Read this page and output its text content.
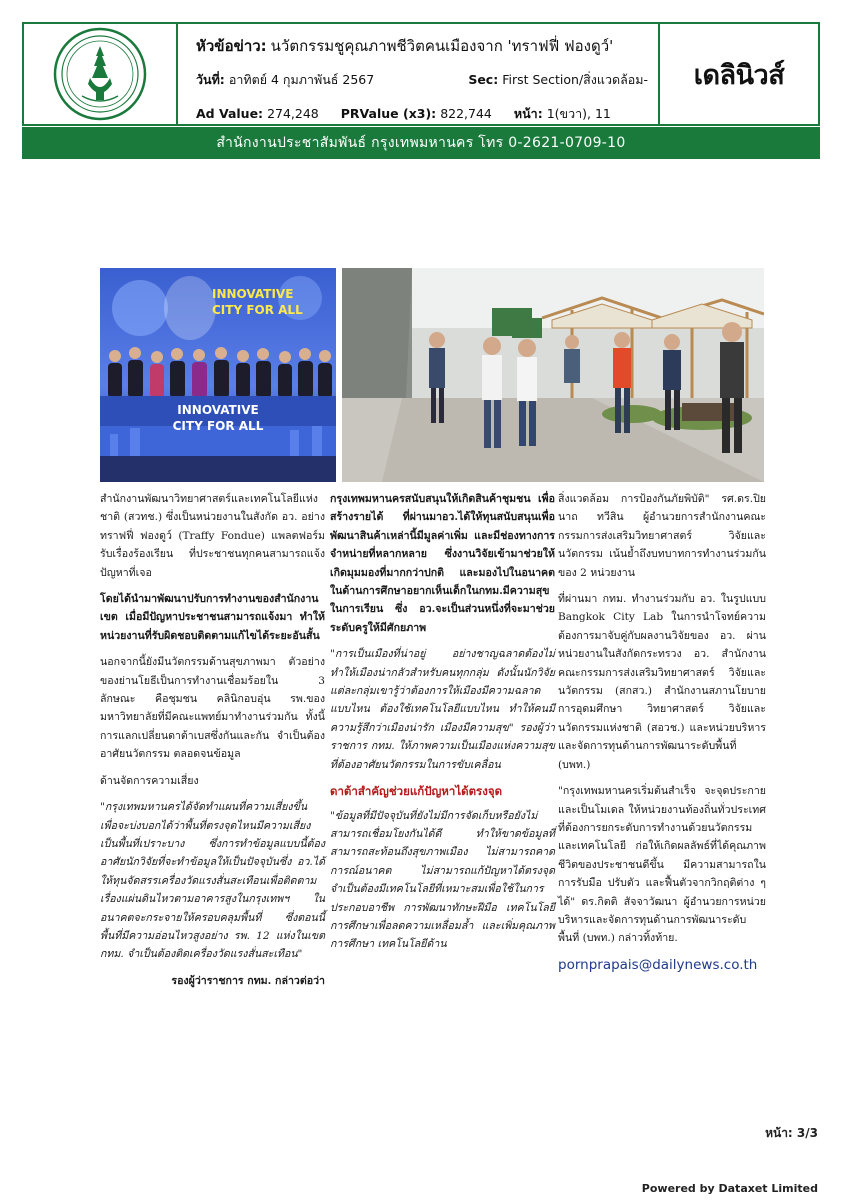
หัวข้อข่าว: นวัตกรรมชูคุณภาพชีวิตคนเมืองจาก 'ทราฟฟี่ ฟองดูว์'
วันที่: อาทิตย์ 4 กุมภาพันธ์ 2567	Sec: First Section/สิ่งแวดล้อม-
Ad Value: 274,248 PRValue (x3): 822,744 หน้า: 1(ขวา), 11
เดลินิวส์
สำนักงานประชาสัมพันธ์ กรุงเทพมหานคร โทร 0-2621-0709-10
INNOVATIVE
CITY FOR ALL
INNOVATIVE
CITY FOR ALL

สำนักงานพัฒนาวิทยาศาสตร์และเทคโนโลยีแห่งชาติ (สวทช.) ซึ่งเป็นหน่วยงานในสังกัด อว. อย่างทราฟฟี่ ฟองดูว์ (Traffy Fondue) แพลตฟอร์มรับเรื่องร้องเรียน ที่ประชาชนทุกคนสามารถแจ้งปัญหาที่เจอ

โดยได้นำมาพัฒนาปรับการทำงานของสำนักงานเขต เมื่อมีปัญหาประชาชนสามารถแจ้งมา ทำให้หน่วยงานที่รับผิดชอบติดตามแก้ไขได้ระยะอันสั้น

นอกจากนี้ยังมีนวัตกรรมด้านสุขภาพมา ตัวอย่างของย่านโยธีเป็นการทำงานเชื่อมร้อยใน 3 ลักษณะ คือชุมชน คลินิกอบอุ่น รพ.ของมหาวิทยาลัยที่มีคณะแพทย์มาทำงานร่วมกัน ทั้งนี้การแลกเปลี่ยนดาต้าเบสซึ่งกันและกัน จำเป็นต้องอาศัยนวัตกรรม ตลอดจนข้อมูล

ด้านจัดการความเสี่ยง

"กรุงเทพมหานครได้จัดทำแผนที่ความเสี่ยงขึ้น เพื่อจะบ่งบอกได้ว่าพื้นที่ตรงจุดไหนมีความเสี่ยง เป็นพื้นที่เปราะบาง ซึ่งการทำข้อมูลแบบนี้ต้องอาศัยนักวิจัยที่จะทำข้อมูลให้เป็นปัจจุบันซึ่ง อว.ได้ให้ทุนจัดสรรเครื่องวัดแรงสั่นสะเทือนเพื่อติดตามเรื่องแผ่นดินไหวตามอาคารสูงในกรุงเทพฯ ในอนาคตจะกระจายให้ครอบคลุมพื้นที่ ซึ่งตอนนี้พื้นที่มีความอ่อนไหวสูงอย่าง รพ. 12 แห่งในเขต กทม. จำเป็นต้องติดเครื่องวัดแรงสั่นสะเทือน"

รองผู้ว่าราชการ กทม. กล่าวต่อว่า

กรุงเทพมหานครสนับสนุนให้เกิดสินค้าชุมชน เพื่อสร้างรายได้ ที่ผ่านมาอว.ได้ให้ทุนสนับสนุนเพื่อพัฒนาสินค้าเหล่านี้มีมูลค่าเพิ่ม และมีช่องทางการจำหน่ายที่หลากหลาย ซึ่งงานวิจัยเข้ามาช่วยให้เกิดมุมมองที่มากกว่าปกติ และมองไปในอนาคตในด้านการศึกษาอยากเห็นเด็กในกทม.มีความสุขในการเรียน ซึ่ง อว.จะเป็นส่วนหนึ่งที่จะมาช่วยระดับครูให้มีศักยภาพ

"การเป็นเมืองที่น่าอยู่ อย่างชาญฉลาดต้องไม่ทำให้เมืองน่ากลัวสำหรับคนทุกกลุ่ม ดังนั้นนักวิจัยแต่ละกลุ่มเขารู้ว่าต้องการให้เมืองมีความฉลาดแบบไหน ต้องใช้เทคโนโลยีแบบไหน ทำให้คนมีความรู้สึกว่าเมืองน่ารัก เมืองมีความสุข" รองผู้ว่าราชการ กทม. ให้ภาพความเป็นเมืองแห่งความสุข ที่ต้องอาศัยนวัตกรรมในการขับเคลื่อน

ดาต้าสำคัญช่วยแก้ปัญหาได้ตรงจุด

"ข้อมูลที่มีปัจจุบันที่ยังไม่มีการจัดเก็บหรือยังไม่สามารถเชื่อมโยงกันได้ดี ทำให้ขาดข้อมูลที่สามารถสะท้อนถึงสุขภาพเมือง ไม่สามารถคาดการณ์อนาคต ไม่สามารถแก้ปัญหาได้ตรงจุด จำเป็นต้องมีเทคโนโลยีที่เหมาะสมเพื่อใช้ในการประกอบอาชีพ การพัฒนาทักษะฝีมือ เทคโนโลยีการศึกษาเพื่อลดความเหลื่อมล้ำ และเพิ่มคุณภาพการศึกษา เทคโนโลยีด้าน

สิ่งแวดล้อม การป้องกันภัยพิบัติ" รศ.ดร.ปิยนาถ ทวีสิน ผู้อำนวยการสำนักงานคณะกรรมการส่งเสริมวิทยาศาสตร์ วิจัยและนวัตกรรม เน้นย้ำถึงบทบาทการทำงานร่วมกันของ 2 หน่วยงาน

ที่ผ่านมา กทม. ทำงานร่วมกับ อว. ในรูปแบบ Bangkok City Lab ในการนำโจทย์ความต้องการมาจับคู่กับผลงานวิจัยของ อว. ผ่านหน่วยงานในสังกัดกระทรวง อว. สำนักงานคณะกรรมการส่งเสริมวิทยาศาสตร์ วิจัยและนวัตกรรม (สกสว.) สำนักงานสภานโยบายการอุดมศึกษา วิทยาศาสตร์ วิจัยและนวัตกรรมแห่งชาติ (สอวช.) และหน่วยบริหารและจัดการทุนด้านการพัฒนาระดับพื้นที่ (บพท.)

"กรุงเทพมหานครเริ่มต้นสำเร็จ จะจุดประกายและเป็นโมเดล ให้หน่วยงานท้องถิ่นทั่วประเทศที่ต้องการยกระดับการทำงานด้วยนวัตกรรมและเทคโนโลยี ก่อให้เกิดผลลัพธ์ที่ได้คุณภาพชีวิตของประชาชนดีขึ้น มีความสามารถในการรับมือ ปรับตัว และฟื้นตัวจากวิกฤติต่าง ๆ ได้" ดร.กิตติ สัจจาวัฒนา ผู้อำนวยการหน่วยบริหารและจัดการทุนด้านการพัฒนาระดับพื้นที่ (บพท.) กล่าวทิ้งท้าย.

pornprapais@dailynews.co.th
หน้า: 3/3
Powered by Dataxet Limited
